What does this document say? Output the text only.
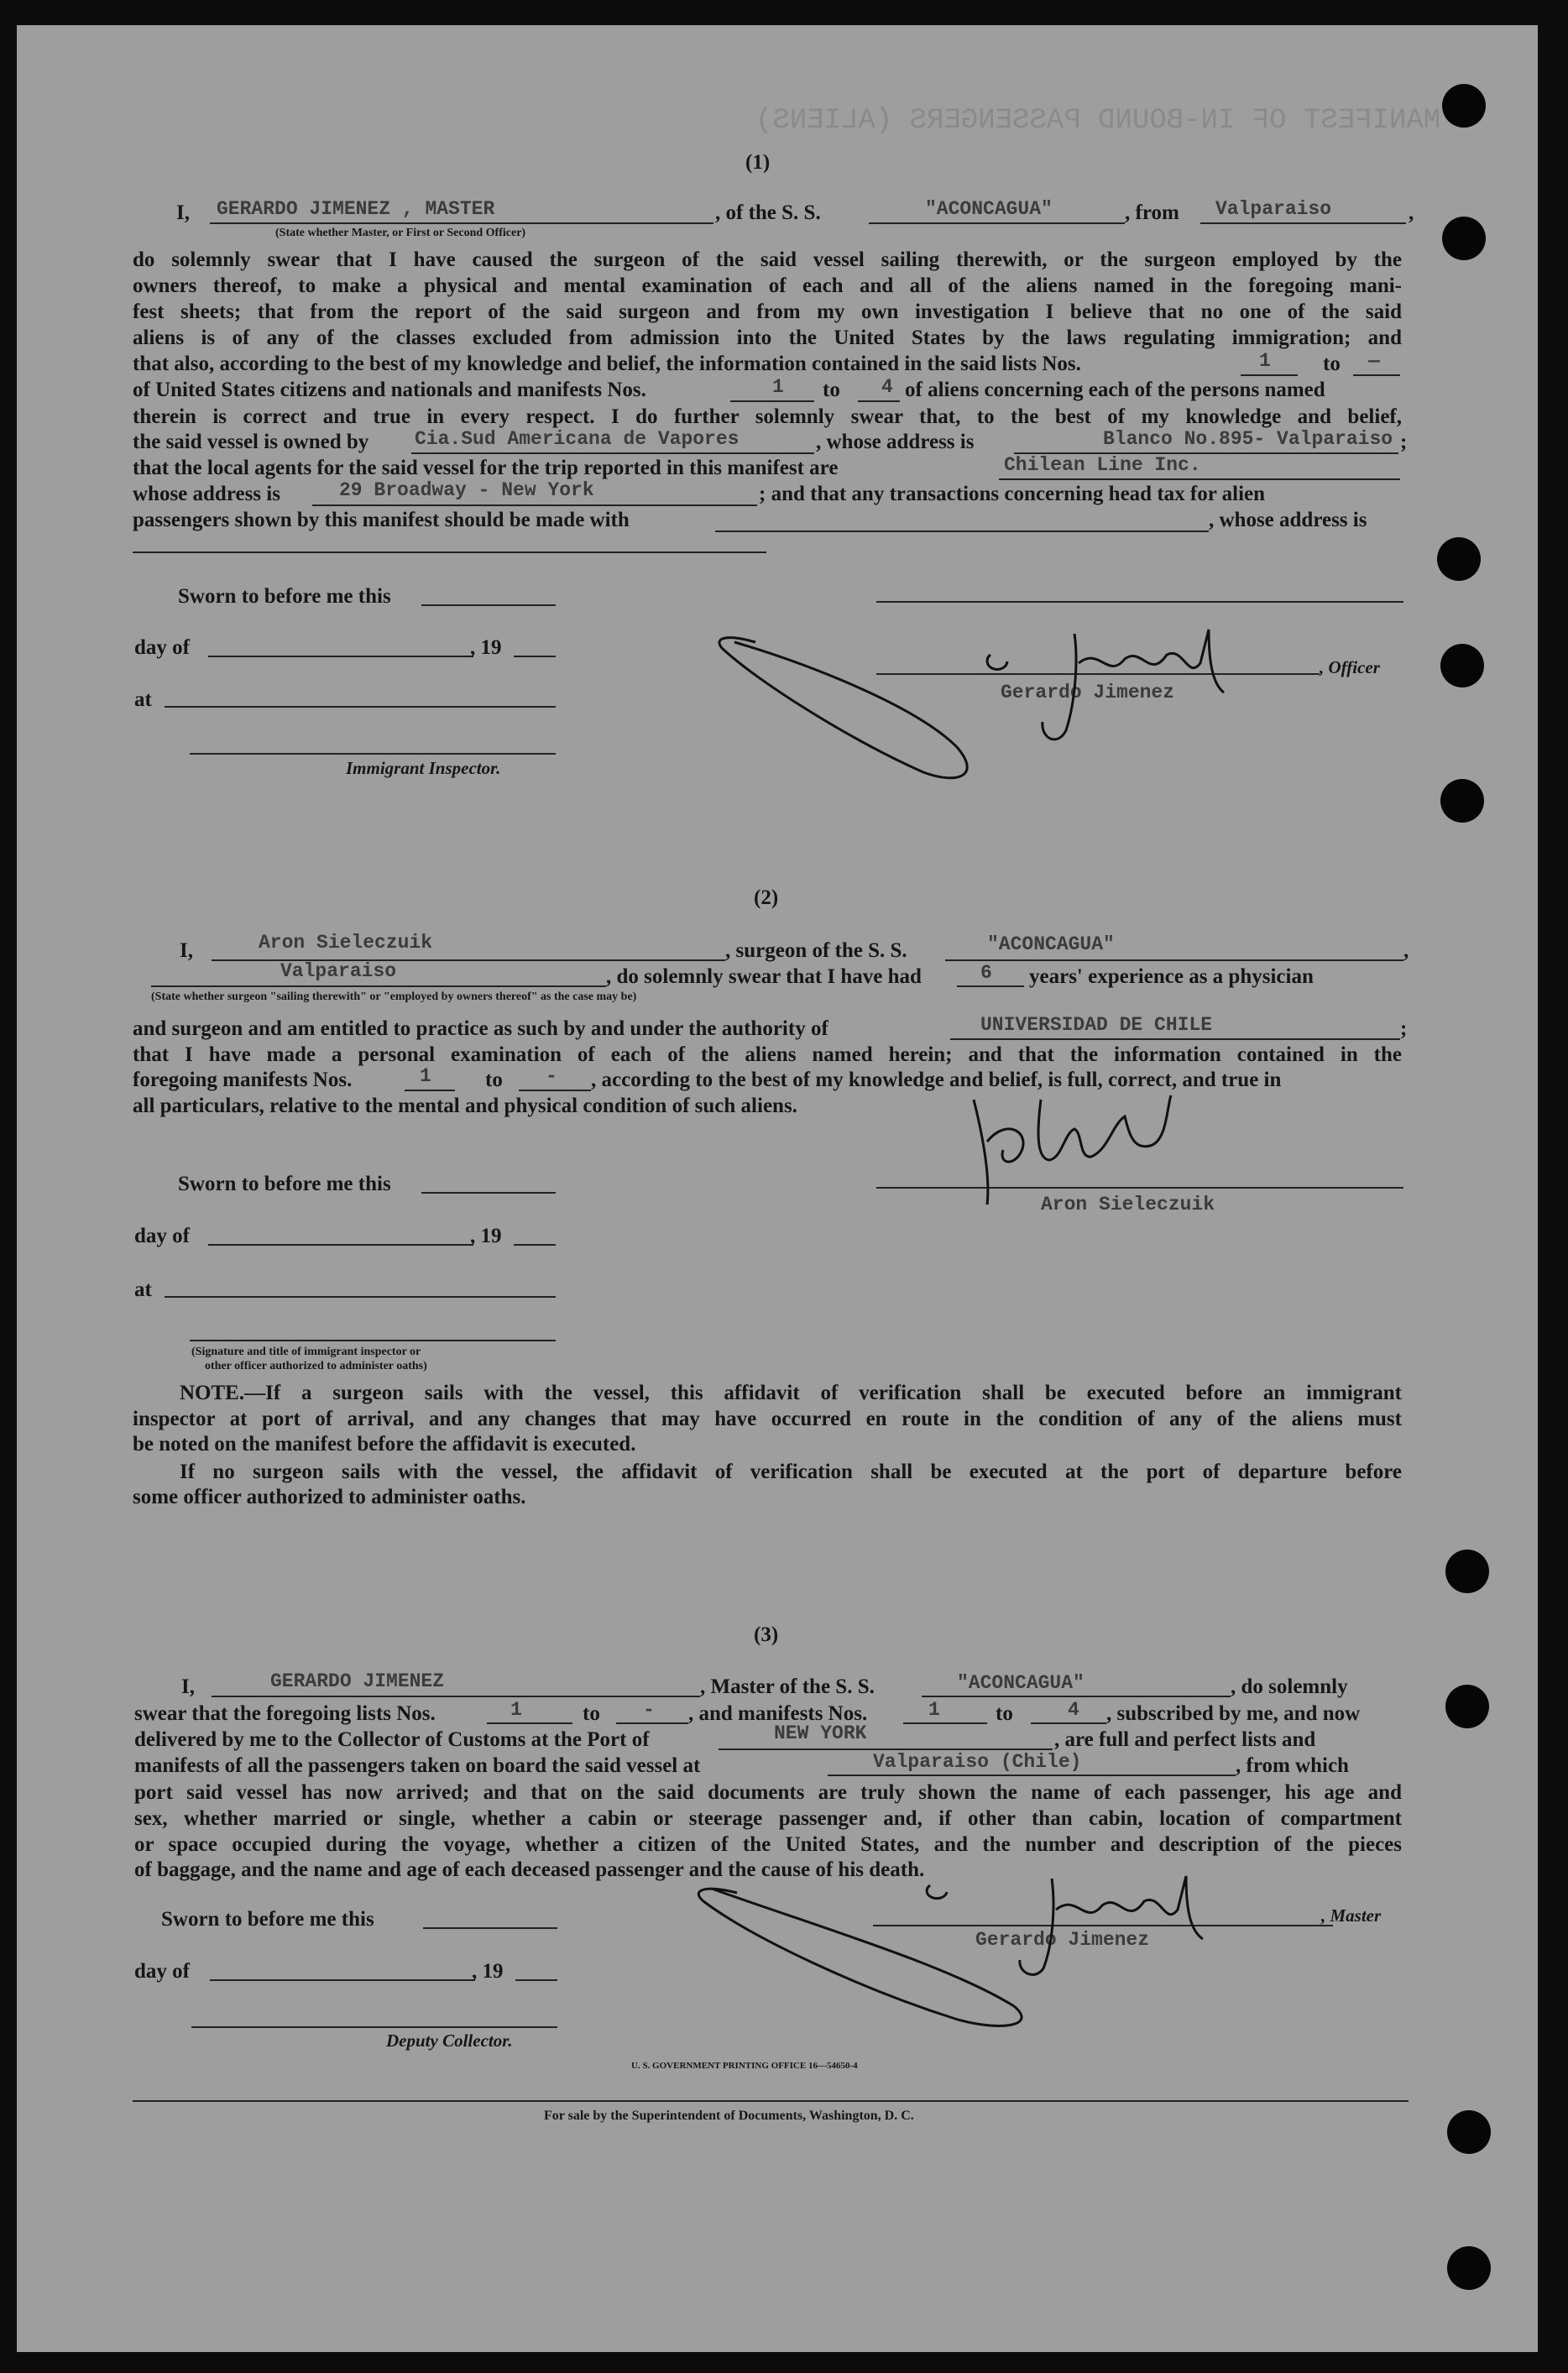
MANIFEST OF IN-BOUND PASSENGERS (ALIENS)
(1)
I, GERARDO JIMENEZ , MASTER	, of the S. S.	"ACONCAGUA"	, from Valparaiso	,
(State whether Master, or First or Second Officer)
do solemnly swear that I have caused the surgeon of the said vessel sailing therewith, or the surgeon employed by the
owners thereof, to make a physical and mental examination of each and all of the aliens named in the foregoing mani-
fest sheets; that from the report of the said surgeon and from my own investigation I believe that no one of the said
aliens is of any of the classes excluded from admission into the United States by the laws regulating immigration; and
that also, according to the best of my knowledge and belief, the information contained in the said lists Nos.	1 to —
of United States citizens and nationals and manifests Nos.	1 to 4 of aliens concerning each of the persons named
therein is correct and true in every respect. I do further solemnly swear that, to the best of my knowledge and belief,
the said vessel is owned by Cia.Sud Americana de Vapores	, whose address is	Blanco No.895- Valparaiso ;
that the local agents for the said vessel for the trip reported in this manifest are	Chilean Line Inc.
whose address is	29 Broadway - New York	; and that any transactions concerning head tax for alien
passengers shown by this manifest should be made with	, whose address is
Sworn to before me this
day of	, 19
at
Immigrant Inspector.
, Officer
Gerardo Jimenez
(2)
I,	Aron Sieleczuik	, surgeon of the S. S.	"ACONCAGUA"	,
Valparaiso	, do solemnly swear that I have had	6 years' experience as a physician
(State whether surgeon "sailing therewith" or "employed by owners thereof" as the case may be)
and surgeon and am entitled to practice as such by and under the authority of	UNIVERSIDAD DE CHILE	;
that I have made a personal examination of each of the aliens named herein; and that the information contained in the
foregoing manifests Nos.	1	to - , according to the best of my knowledge and belief, is full, correct, and true in
all particulars, relative to the mental and physical condition of such aliens.
Sworn to before me this
Aron Sieleczuik
day of	, 19
at
(Signature and title of immigrant inspector or
other officer authorized to administer oaths)
NOTE.—If a surgeon sails with the vessel, this affidavit of verification shall be executed before an immigrant
inspector at port of arrival, and any changes that may have occurred en route in the condition of any of the aliens must
be noted on the manifest before the affidavit is executed.
If no surgeon sails with the vessel, the affidavit of verification shall be executed at the port of departure before
some officer authorized to administer oaths.
(3)
I,	GERARDO JIMENEZ	, Master of the S. S.	"ACONCAGUA"	, do solemnly
swear that the foregoing lists Nos.	1	to - , and manifests Nos.	1	to	4 , subscribed by me, and now
delivered by me to the Collector of Customs at the Port of	NEW YORK	, are full and perfect lists and
manifests of all the passengers taken on board the said vessel at	Valparaiso (Chile)	, from which
port said vessel has now arrived; and that on the said documents are truly shown the name of each passenger, his age and
sex, whether married or single, whether a cabin or steerage passenger and, if other than cabin, location of compartment
or space occupied during the voyage, whether a citizen of the United States, and the number and description of the pieces
of baggage, and the name and age of each deceased passenger and the cause of his death.
Sworn to before me this	, Master
Gerardo Jimenez
day of	, 19
Deputy Collector.
U. S. GOVERNMENT PRINTING OFFICE 16—54650-4
For sale by the Superintendent of Documents, Washington, D. C.
